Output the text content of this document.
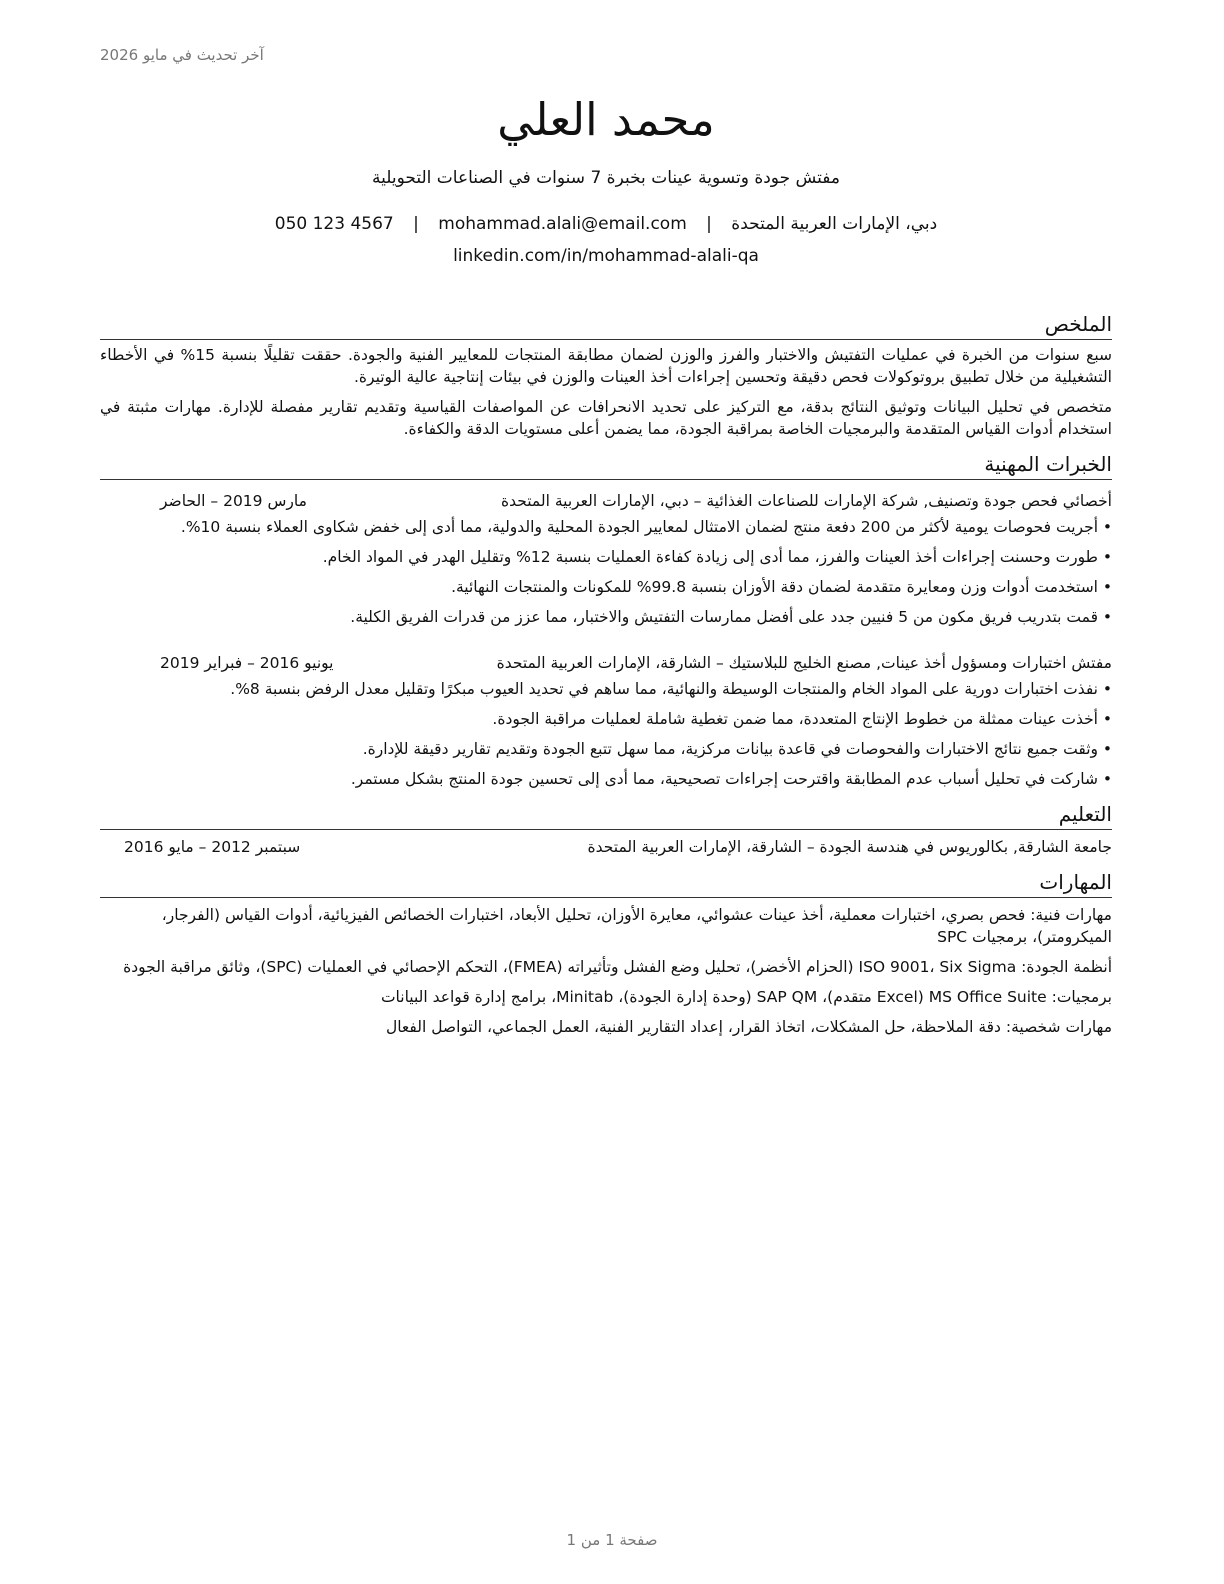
آخر تحديث في مايو 2026
محمد العلي
مفتش جودة وتسوية عينات بخبرة 7 سنوات في الصناعات التحويلية
دبي، الإمارات العربية المتحدة | mohammad.alali@email.com | 050 123 4567
linkedin.com/in/mohammad-alali-qa
الملخص

سبع سنوات من الخبرة في عمليات التفتيش والاختبار والفرز والوزن لضمان مطابقة المنتجات للمعايير الفنية والجودة. حققت تقليلًا بنسبة 15% في الأخطاء التشغيلية من خلال تطبيق بروتوكولات فحص دقيقة وتحسين إجراءات أخذ العينات والوزن في بيئات إنتاجية عالية الوتيرة.

متخصص في تحليل البيانات وتوثيق النتائج بدقة، مع التركيز على تحديد الانحرافات عن المواصفات القياسية وتقديم تقارير مفصلة للإدارة. مهارات مثبتة في استخدام أدوات القياس المتقدمة والبرمجيات الخاصة بمراقبة الجودة، مما يضمن أعلى مستويات الدقة والكفاءة.

الخبرات المهنية
أخصائي فحص جودة وتصنيف, شركة الإمارات للصناعات الغذائية – دبي، الإمارات العربية المتحدة
مارس 2019 – الحاضر
• أجريت فحوصات يومية لأكثر من 200 دفعة منتج لضمان الامتثال لمعايير الجودة المحلية والدولية، مما أدى إلى خفض شكاوى العملاء بنسبة 10%.
• طورت وحسنت إجراءات أخذ العينات والفرز، مما أدى إلى زيادة كفاءة العمليات بنسبة 12% وتقليل الهدر في المواد الخام.
• استخدمت أدوات وزن ومعايرة متقدمة لضمان دقة الأوزان بنسبة 99.8% للمكونات والمنتجات النهائية.
• قمت بتدريب فريق مكون من 5 فنيين جدد على أفضل ممارسات التفتيش والاختبار، مما عزز من قدرات الفريق الكلية.
مفتش اختبارات ومسؤول أخذ عينات, مصنع الخليج للبلاستيك – الشارقة، الإمارات العربية المتحدة
يونيو 2016 – فبراير 2019
• نفذت اختبارات دورية على المواد الخام والمنتجات الوسيطة والنهائية، مما ساهم في تحديد العيوب مبكرًا وتقليل معدل الرفض بنسبة 8%.
• أخذت عينات ممثلة من خطوط الإنتاج المتعددة، مما ضمن تغطية شاملة لعمليات مراقبة الجودة.
• وثقت جميع نتائج الاختبارات والفحوصات في قاعدة بيانات مركزية، مما سهل تتبع الجودة وتقديم تقارير دقيقة للإدارة.
• شاركت في تحليل أسباب عدم المطابقة واقترحت إجراءات تصحيحية، مما أدى إلى تحسين جودة المنتج بشكل مستمر.
التعليم
جامعة الشارقة, بكالوريوس في هندسة الجودة – الشارقة، الإمارات العربية المتحدة
سبتمبر 2012 – مايو 2016
المهارات
مهارات فنية: فحص بصري، اختبارات معملية، أخذ عينات عشوائي، معايرة الأوزان، تحليل الأبعاد، اختبارات الخصائص الفيزيائية، أدوات القياس (الفرجار، الميكرومتر)، برمجيات SPC
أنظمة الجودة: ISO 9001، Six Sigma (الحزام الأخضر)، تحليل وضع الفشل وتأثيراته (FMEA)، التحكم الإحصائي في العمليات (SPC)، وثائق مراقبة الجودة
برمجيات: MS Office Suite (Excel متقدم)، SAP QM (وحدة إدارة الجودة)، Minitab، برامج إدارة قواعد البيانات
مهارات شخصية: دقة الملاحظة، حل المشكلات، اتخاذ القرار، إعداد التقارير الفنية، العمل الجماعي، التواصل الفعال
صفحة 1 من 1
